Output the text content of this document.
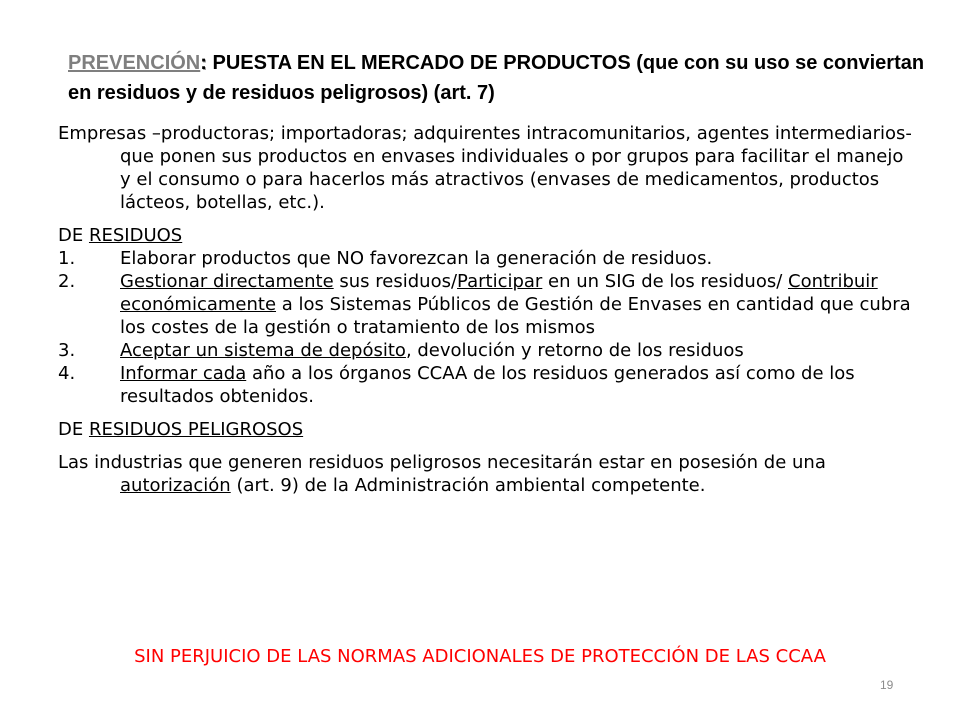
PREVENCIÓN: PUESTA EN EL MERCADO DE PRODUCTOS (que con su uso se conviertan en residuos y de residuos peligrosos) (art. 7)

Empresas –productoras; importadoras; adquirentes intracomunitarios, agentes intermediarios- que ponen sus productos en envases individuales o por grupos para facilitar el manejo y el consumo o para hacerlos más atractivos (envases de medicamentos, productos lácteos, botellas, etc.).

DE RESIDUOS

1.	Elaborar productos que NO favorezcan la generación de residuos.
2.	Gestionar directamente sus residuos/Participar en un SIG de los residuos/ Contribuir económicamente a los Sistemas Públicos de Gestión de Envases en cantidad que cubra los costes de la gestión o tratamiento de los mismos
3.	Aceptar un sistema de depósito, devolución y retorno de los residuos
4.	Informar cada año a los órganos CCAA de los residuos generados así como de los resultados obtenidos.

DE RESIDUOS PELIGROSOS

Las industrias que generen residuos peligrosos necesitarán estar en posesión de una autorización (art. 9) de la Administración ambiental competente.

SIN PERJUICIO DE LAS NORMAS ADICIONALES DE PROTECCIÓN DE LAS CCAA
19
